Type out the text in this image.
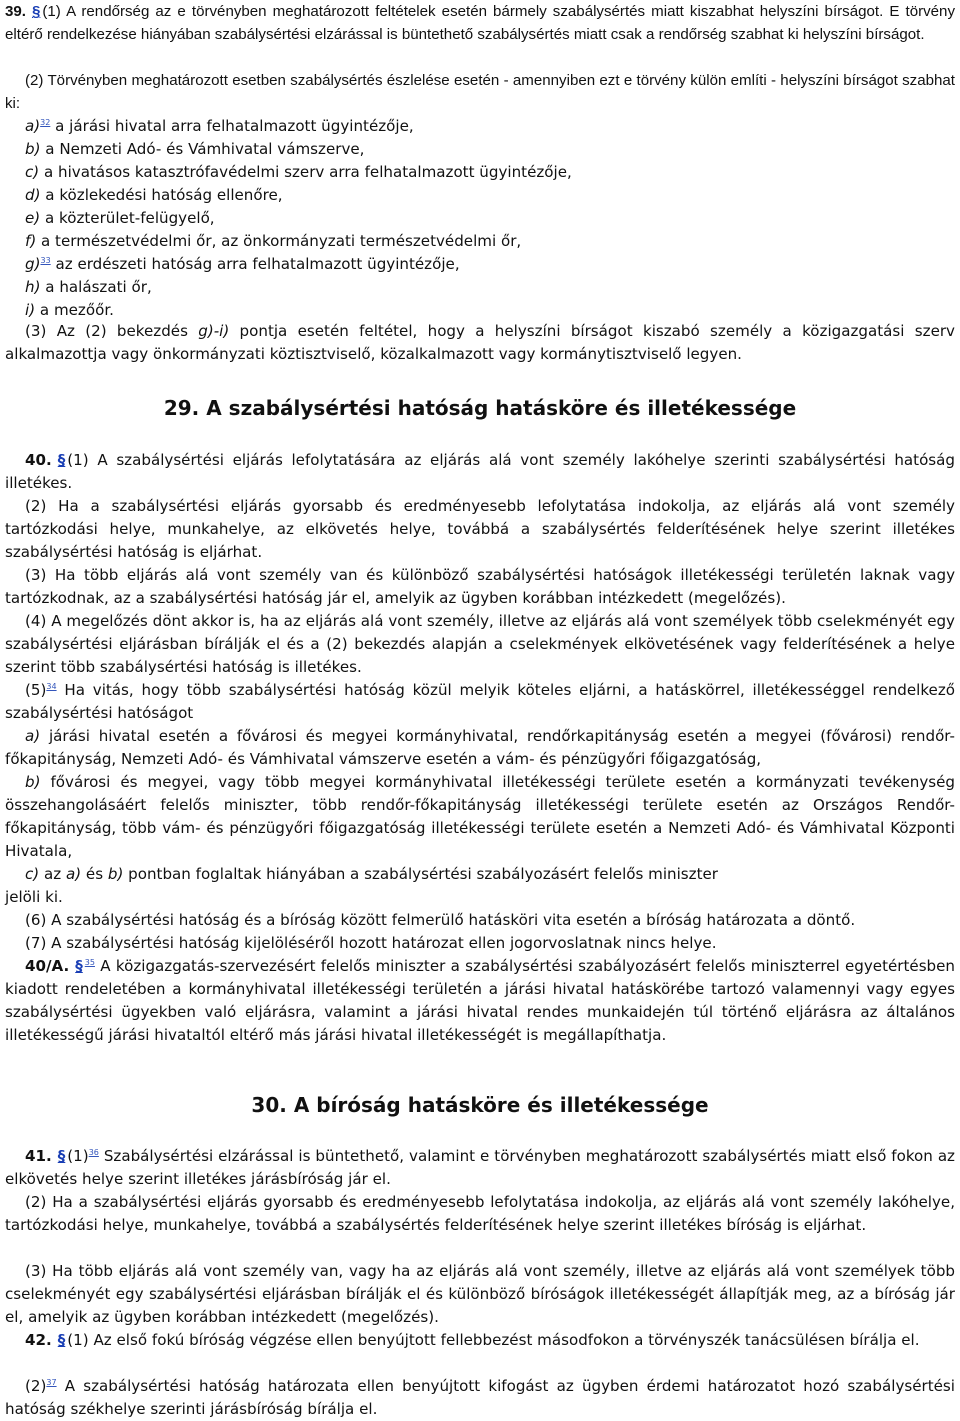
39. § (1) A rendőrség az e törvényben meghatározott feltételek esetén bármely szabálysértés miatt kiszabhat helyszíni bírságot. E törvény eltérő rendelkezése hiányában szabálysértési elzárással is büntethető szabálysértés miatt csak a rendőrség szabhat ki helyszíni bírságot.
(2) Törvényben meghatározott esetben szabálysértés észlelése esetén - amennyiben ezt e törvény külön említi - helyszíni bírságot szabhat ki:
a)$^{32}$ a járási hivatal arra felhatalmazott ügyintézője,
b) a Nemzeti Adó- és Vámhivatal vámszerve,
c) a hivatásos katasztrófavédelmi szerv arra felhatalmazott ügyintézője,
d) a közlekedési hatóság ellenőre,
e) a közterület-felügyelő,
f) a természetvédelmi őr, az önkormányzati természetvédelmi őr,
g)$^{33}$ az erdészeti hatóság arra felhatalmazott ügyintézője,
h) a halászati őr,
i) a mezőőr.
(3) Az (2) bekezdés g)-i) pontja esetén feltétel, hogy a helyszíni bírságot kiszabó személy a közigazgatási szerv alkalmazottja vagy önkormányzati köztisztviselő, közalkalmazott vagy kormánytisztviselő legyen.
29. A szabálysértési hatóság hatásköre és illetékessége
40. § (1) A szabálysértési eljárás lefolytatására az eljárás alá vont személy lakóhelye szerinti szabálysértési hatóság illetékes.
(2) Ha a szabálysértési eljárás gyorsabb és eredményesebb lefolytatása indokolja, az eljárás alá vont személy tartózkodási helye, munkahelye, az elkövetés helye, továbbá a szabálysértés felderítésének helye szerint illetékes szabálysértési hatóság is eljárhat.
(3) Ha több eljárás alá vont személy van és különböző szabálysértési hatóságok illetékességi területén laknak vagy tartózkodnak, az a szabálysértési hatóság jár el, amelyik az ügyben korábban intézkedett (megelőzés).
(4) A megelőzés dönt akkor is, ha az eljárás alá vont személy, illetve az eljárás alá vont személyek több cselekményét egy szabálysértési eljárásban bírálják el és a (2) bekezdés alapján a cselekmények elkövetésének vagy felderítésének a helye szerint több szabálysértési hatóság is illetékes.
(5)$^{34}$ Ha vitás, hogy több szabálysértési hatóság közül melyik köteles eljárni, a hatáskörrel, illetékességgel rendelkező szabálysértési hatóságot
a) járási hivatal esetén a fővárosi és megyei kormányhivatal, rendőrkapitányság esetén a megyei (fővárosi) rendőr-főkapitányság, Nemzeti Adó- és Vámhivatal vámszerve esetén a vám- és pénzügyőri főigazgatóság,
b) fővárosi és megyei, vagy több megyei kormányhivatal illetékességi területe esetén a kormányzati tevékenység összehangolásáért felelős miniszter, több rendőr-főkapitányság illetékességi területe esetén az Országos Rendőr-főkapitányság, több vám- és pénzügyőri főigazgatóság illetékességi területe esetén a Nemzeti Adó- és Vámhivatal Központi Hivatala,
c) az a) és b) pontban foglaltak hiányában a szabálysértési szabályozásért felelős miniszter
jelöli ki.
(6) A szabálysértési hatóság és a bíróság között felmerülő hatásköri vita esetén a bíróság határozata a döntő.
(7) A szabálysértési hatóság kijelöléséről hozott határozat ellen jogorvoslatnak nincs helye.
40/A. § $^{35}$ A közigazgatás-szervezésért felelős miniszter a szabálysértési szabályozásért felelős miniszterrel egyetértésben kiadott rendeletében a kormányhivatal illetékességi területén a járási hivatal hatáskörébe tartozó valamennyi vagy egyes szabálysértési ügyekben való eljárásra, valamint a járási hivatal rendes munkaidején túl történő eljárásra az általános illetékességű járási hivataltól eltérő más járási hivatal illetékességét is megállapíthatja.
30. A bíróság hatásköre és illetékessége
41. § (1)$^{36}$ Szabálysértési elzárással is büntethető, valamint e törvényben meghatározott szabálysértés miatt első fokon az elkövetés helye szerint illetékes járásbíróság jár el.
(2) Ha a szabálysértési eljárás gyorsabb és eredményesebb lefolytatása indokolja, az eljárás alá vont személy lakóhelye, tartózkodási helye, munkahelye, továbbá a szabálysértés felderítésének helye szerint illetékes bíróság is eljárhat.
(3) Ha több eljárás alá vont személy van, vagy ha az eljárás alá vont személy, illetve az eljárás alá vont személyek több cselekményét egy szabálysértési eljárásban bírálják el és különböző bíróságok illetékességét állapítják meg, az a bíróság jár el, amelyik az ügyben korábban intézkedett (megelőzés).
42. § (1) Az első fokú bíróság végzése ellen benyújtott fellebbezést másodfokon a törvényszék tanácsülésen bírálja el.
(2)$^{37}$ A szabálysértési hatóság határozata ellen benyújtott kifogást az ügyben érdemi határozatot hozó szabálysértési hatóság székhelye szerinti járásbíróság bírálja el.
